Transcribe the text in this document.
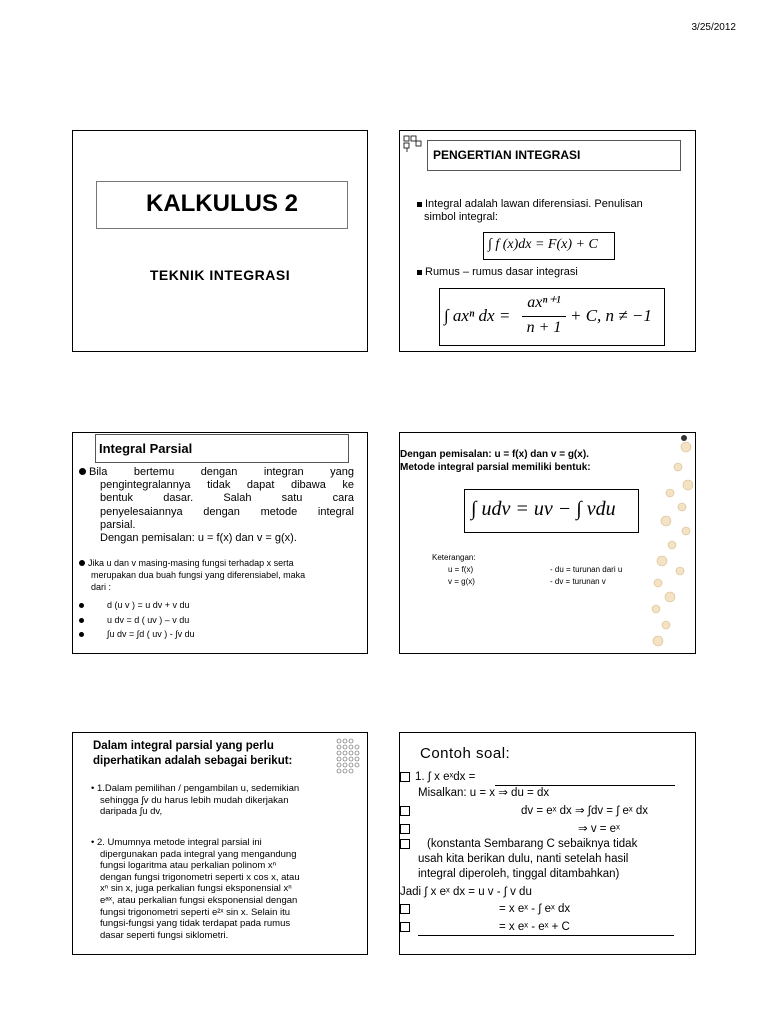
3/25/2012
KALKULUS 2
TEKNIK INTEGRASI
PENGERTIAN INTEGRASI
Integral adalah lawan diferensiasi. Penulisan
simbol integral:
∫ f (x)dx = F(x) + C
Rumus – rumus dasar integrasi
∫ axⁿ dx =
axⁿ⁺¹
n + 1
+ C, n ≠ −1
Integral Parsial
Bila bertemu dengan integran yang
pengintegralannya tidak dapat dibawa ke
bentuk dasar. Salah satu cara
penyelesaiannya dengan metode integral
parsial.
Dengan pemisalan: u = f(x) dan v = g(x).
Jika u dan v masing-masing fungsi terhadap x serta
merupakan dua buah fungsi yang diferensiabel, maka
dari :
d (u v ) = u dv + v du
u dv = d ( uv ) – v du
∫u dv = ∫d ( uv ) - ∫v du
Dengan pemisalan: u = f(x) dan v = g(x).
Metode integral parsial memiliki bentuk:
∫ udv = uv − ∫ vdu
Keterangan:
u = f(x)
v = g(x)
- du = turunan dari u
- dv = turunan v
Dalam integral parsial yang perlu
diperhatikan adalah sebagai berikut:
• 1.Dalam pemilihan / pengambilan u, sedemikian
sehingga ∫v du harus lebih mudah dikerjakan
daripada ∫u dv,
• 2. Umumnya metode integral parsial ini
dipergunakan pada integral yang mengandung
fungsi logaritma atau perkalian polinom xⁿ
dengan fungsi trigonometri seperti x cos x, atau
xⁿ sin x, juga perkalian fungsi eksponensial xⁿ
eᵃˣ, atau perkalian fungsi eksponensial dengan
fungsi trigonometri seperti e²ˣ sin x. Selain itu
fungsi-fungsi yang tidak terdapat pada rumus
dasar seperti fungsi siklometri.
Contoh soal:
1. ∫ x eˣdx =
Misalkan: u = x ⇒ du = dx
dv = eˣ dx ⇒ ∫dv = ∫ eˣ dx
⇒ v = eˣ
(konstanta Sembarang C sebaiknya tidak
usah kita berikan dulu, nanti setelah hasil
integral diperoleh, tinggal ditambahkan)
Jadi ∫ x eˣ dx = u v - ∫ v du
= x eˣ - ∫ eˣ dx
= x eˣ - eˣ + C
